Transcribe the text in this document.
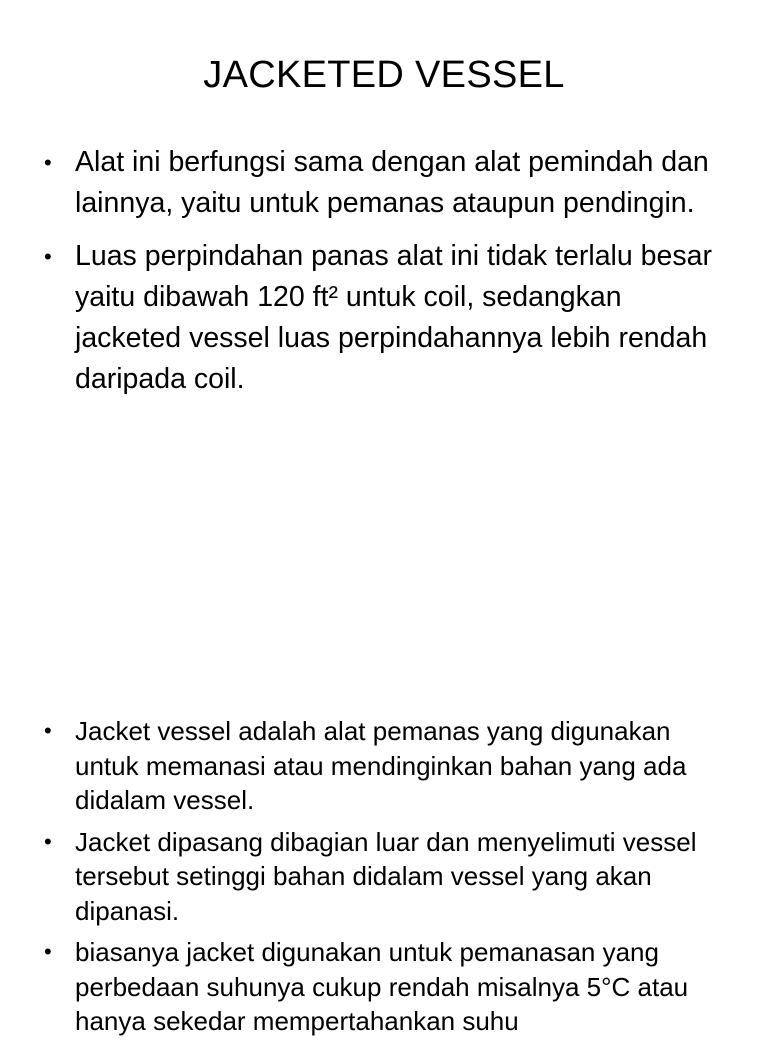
JACKETED VESSEL
• Alat ini berfungsi sama dengan alat pemindah dan lainnya, yaitu untuk pemanas ataupun pendingin.
• Luas perpindahan panas alat ini tidak terlalu besar yaitu dibawah 120 ft² untuk coil, sedangkan jacketed vessel luas perpindahannya lebih rendah daripada coil.
• Jacket vessel adalah alat pemanas yang digunakan untuk memanasi atau mendinginkan bahan yang ada didalam vessel.
• Jacket dipasang dibagian luar dan menyelimuti vessel tersebut setinggi bahan didalam vessel yang akan dipanasi.
• biasanya jacket digunakan untuk pemanasan yang perbedaan suhunya cukup rendah misalnya 5°C atau hanya sekedar mempertahankan suhu
